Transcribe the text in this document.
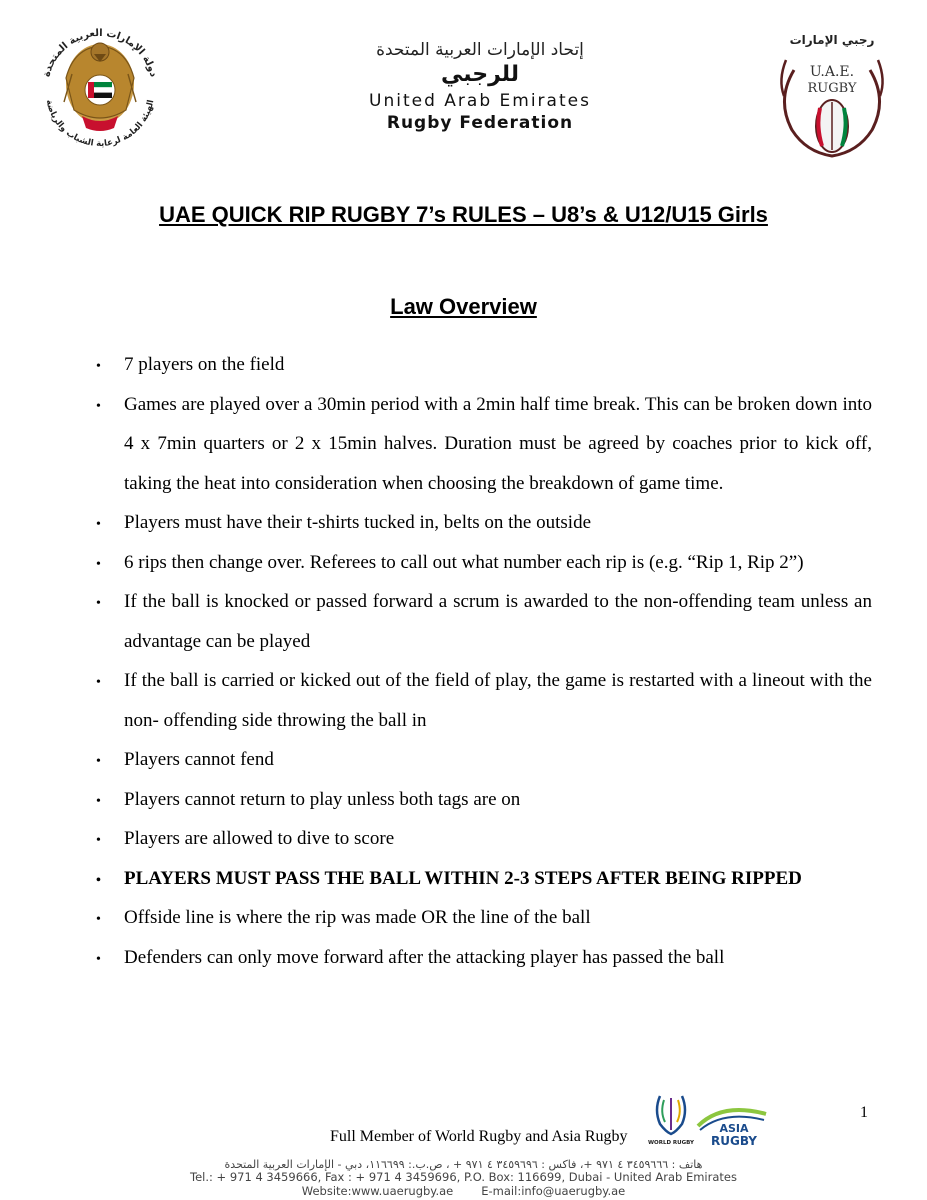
دولة الإمارات العربية المتحدة
الهيئة العامة لرعاية الشباب والرياضة
إتحاد الإمارات العربية المتحدة
للرجبي
United Arab Emirates
Rugby Federation
رجبي الإمارات
U.A.E.
RUGBY
UAE QUICK RIP RUGBY 7’s RULES – U8’s & U12/U15 Girls
Law Overview
•
7 players on the field
•
Games are played over a 30min period with a 2min half time break. This can be broken down into 4 x 7min quarters or 2 x 15min halves. Duration must be agreed by coaches prior to kick off, taking the heat into consideration when choosing the breakdown of game time.
•
Players must have their t-shirts tucked in, belts on the outside
•
6 rips then change over. Referees to call out what number each rip is (e.g. “Rip 1, Rip 2”)
•
If the ball is knocked or passed forward a scrum is awarded to the non-offending team unless an advantage can be played
•
If the ball is carried or kicked out of the field of play, the game is restarted with a lineout with the non- offending side throwing the ball in
•
Players cannot fend
•
Players cannot return to play unless both tags are on
•
Players are allowed to dive to score
•
PLAYERS MUST PASS THE BALL WITHIN 2-3 STEPS AFTER BEING RIPPED
•
Offside line is where the rip was made OR the line of the ball
•
Defenders can only move forward after the attacking player has passed the ball
1
Full Member of World Rugby and Asia Rugby	WORLD RUGBY
ASIA
RUGBY
هاتف : ٣٤٥٩٦٦٦ ٤ ٩٧١ +، فاكس : ٣٤٥٩٦٩٦ ٤ ٩٧١ + ، ص.ب.: ١١٦٦٩٩، دبي - الإمارات العربية المتحدة
Tel.: + 971 4 3459666, Fax : + 971 4 3459696, P.O. Box: 116699, Dubai - United Arab Emirates
Website:www.uaerugby.ae E-mail:info@uaerugby.ae
